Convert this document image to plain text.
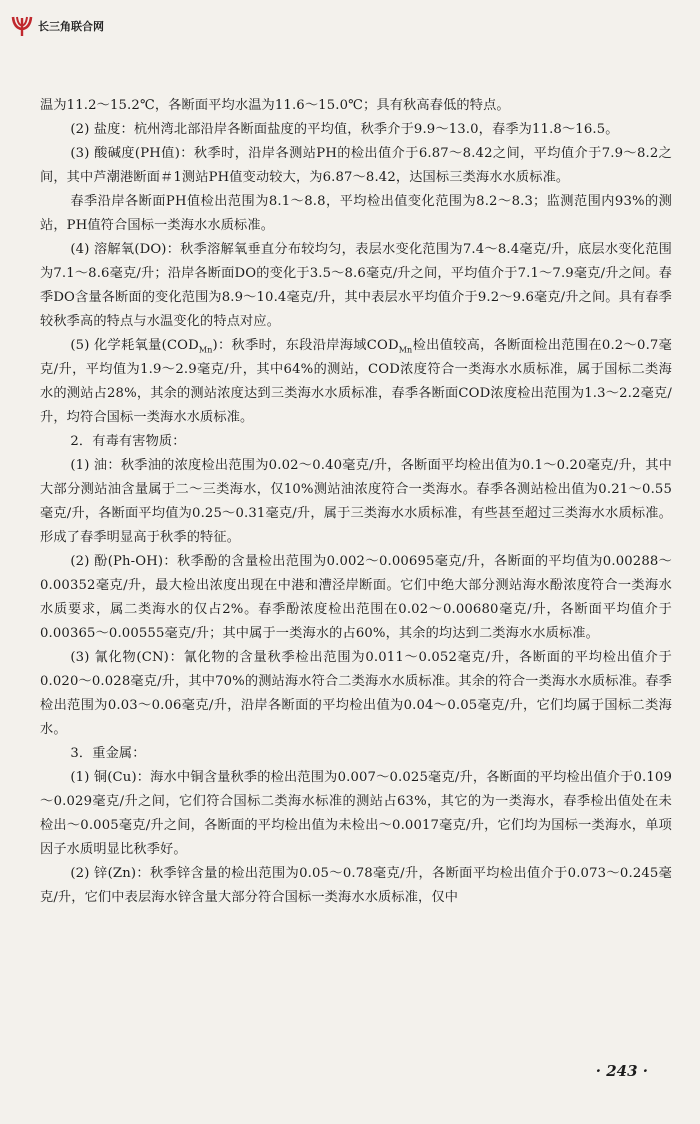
长三角联合网

温为11.2～15.2℃，各断面平均水温为11.6～15.0℃；具有秋高春低的特点。

(2) 盐度：杭州湾北部沿岸各断面盐度的平均值，秋季介于9.9～13.0，春季为11.8～16.5。

(3) 酸碱度(PH值)：秋季时，沿岸各测站PH的检出值介于6.87～8.42之间，平均值介于7.9～8.2之间，其中芦潮港断面＃1测站PH值变动较大，为6.87～8.42，达国标三类海水水质标准。

春季沿岸各断面PH值检出范围为8.1～8.8，平均检出值变化范围为8.2～8.3；监测范围内93%的测站，PH值符合国标一类海水水质标准。

(4) 溶解氧(DO)：秋季溶解氧垂直分布较均匀，表层水变化范围为7.4～8.4毫克/升，底层水变化范围为7.1～8.6毫克/升；沿岸各断面DO的变化于3.5～8.6毫克/升之间，平均值介于7.1～7.9毫克/升之间。春季DO含量各断面的变化范围为8.9～10.4毫克/升，其中表层水平均值介于9.2～9.6毫克/升之间。具有春季较秋季高的特点与水温变化的特点对应。

(5) 化学耗氧量$(COD_{Mn})$：秋季时，东段沿岸海域$COD_{Mn}$检出值较高，各断面检出范围在0.2～0.7毫克/升，平均值为1.9～2.9毫克/升，其中64%的测站，COD浓度符合一类海水水质标准，属于国标二类海水的测站占28%，其余的测站浓度达到三类海水水质标准，春季各断面COD浓度检出范围为1.3～2.2毫克/升，均符合国标一类海水水质标准。

2．有毒有害物质：

(1) 油：秋季油的浓度检出范围为0.02～0.40毫克/升，各断面平均检出值为0.1～0.20毫克/升，其中大部分测站油含量属于二～三类海水，仅10%测站油浓度符合一类海水。春季各测站检出值为0.21～0.55毫克/升，各断面平均值为0.25～0.31毫克/升，属于三类海水水质标准，有些甚至超过三类海水水质标准。形成了春季明显高于秋季的特征。

(2) 酚(Ph-OH)：秋季酚的含量检出范围为0.002～0.00695毫克/升，各断面的平均值为0.00288～0.00352毫克/升，最大检出浓度出现在中港和漕泾岸断面。它们中绝大部分测站海水酚浓度符合一类海水水质要求，属二类海水的仅占2%。春季酚浓度检出范围在0.02～0.00680毫克/升，各断面平均值介于0.00365～0.00555毫克/升；其中属于一类海水的占60%，其余的均达到二类海水水质标准。

(3) 氰化物(CN)：氰化物的含量秋季检出范围为0.011～0.052毫克/升，各断面的平均检出值介于0.020～0.028毫克/升，其中70%的测站海水符合二类海水水质标准。其余的符合一类海水水质标准。春季检出范围为0.03～0.06毫克/升，沿岸各断面的平均检出值为0.04～0.05毫克/升，它们均属于国标二类海水。

3．重金属：

(1) 铜(Cu)：海水中铜含量秋季的检出范围为0.007～0.025毫克/升，各断面的平均检出值介于0.109～0.029毫克/升之间，它们符合国标二类海水标准的测站占63%，其它的为一类海水，春季检出值处在未检出～0.005毫克/升之间，各断面的平均检出值为未检出～0.0017毫克/升，它们均为国标一类海水，单项因子水质明显比秋季好。

(2) 锌(Zn)：秋季锌含量的检出范围为0.05～0.78毫克/升，各断面平均检出值介于0.073～0.245毫克/升，它们中表层海水锌含量大部分符合国标一类海水水质标准，仅中

· 243 ·
